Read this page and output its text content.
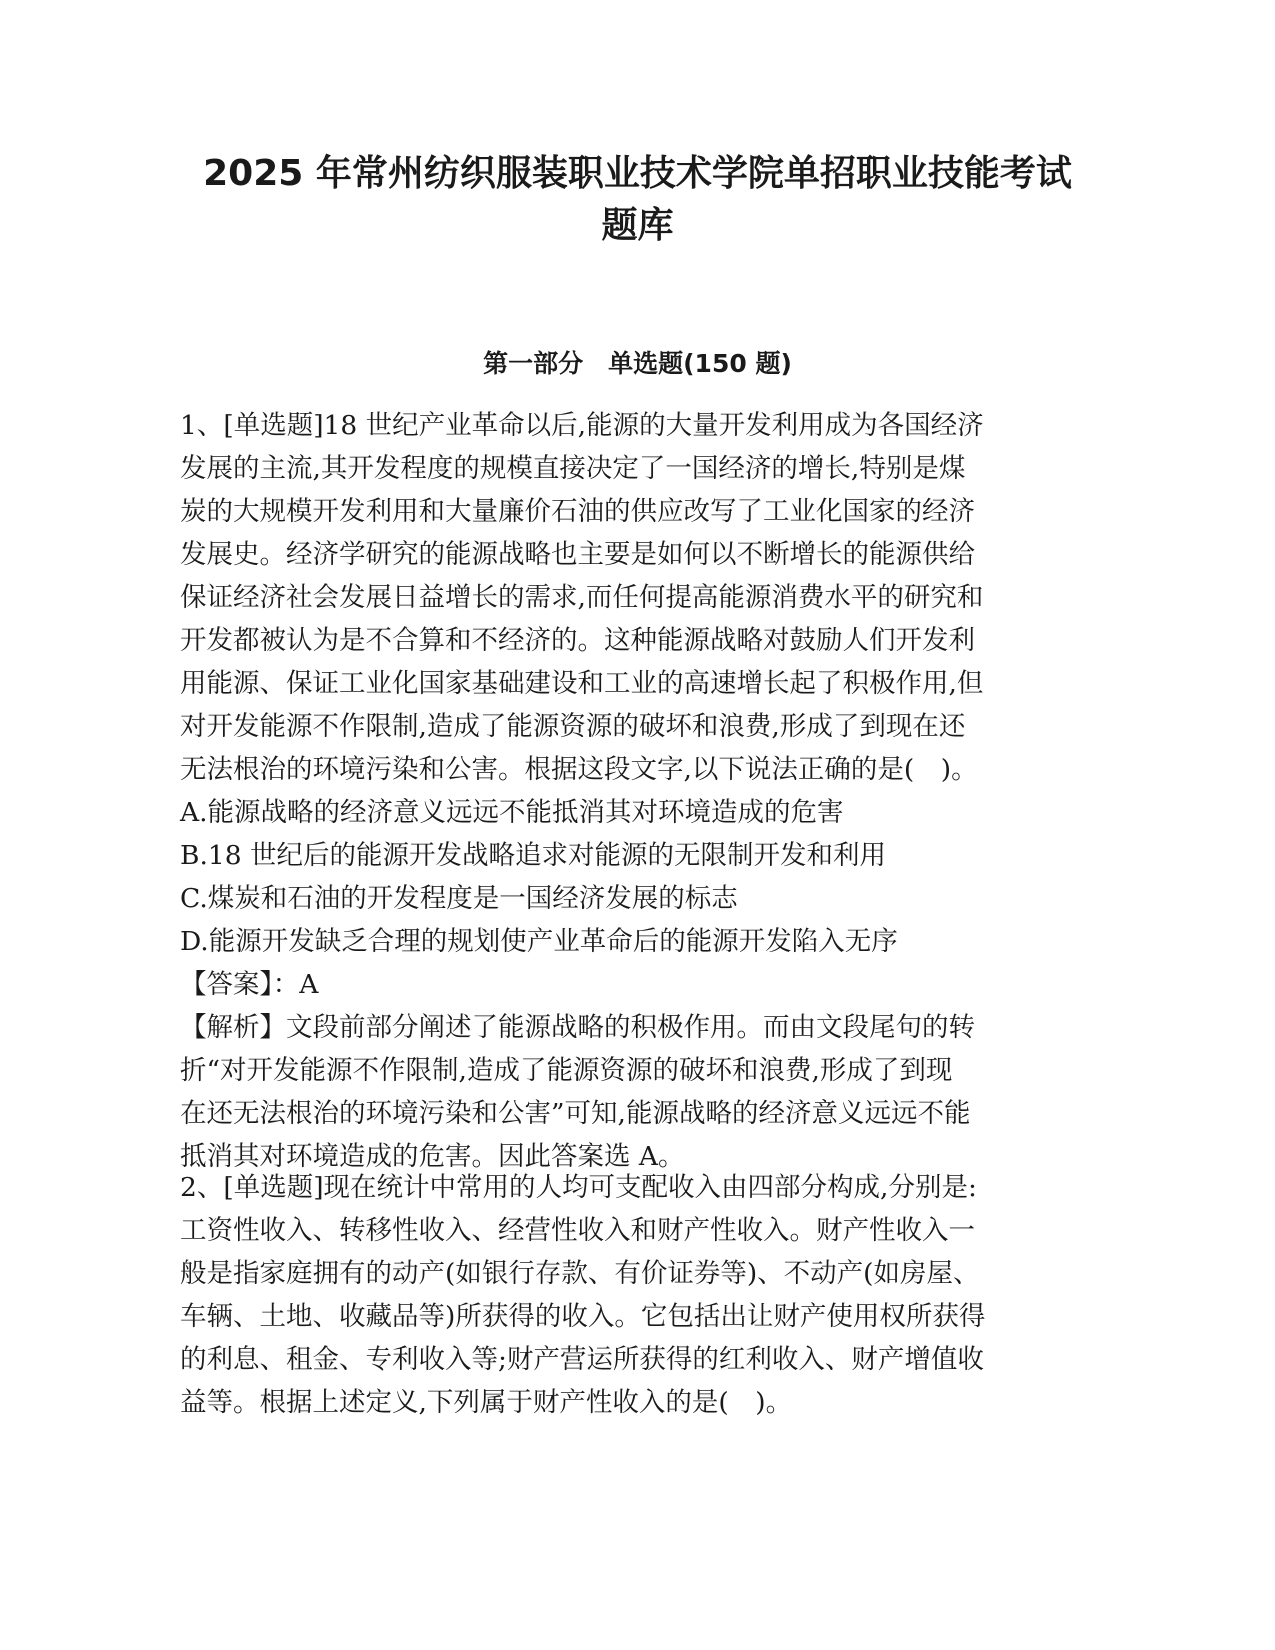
2025 年常州纺织服装职业技术学院单招职业技能考试
题库
第一部分　单选题(150 题)
1、[单选题]18 世纪产业革命以后,能源的大量开发利用成为各国经济
发展的主流,其开发程度的规模直接决定了一国经济的增长,特别是煤
炭的大规模开发利用和大量廉价石油的供应改写了工业化国家的经济
发展史。经济学研究的能源战略也主要是如何以不断增长的能源供给
保证经济社会发展日益增长的需求,而任何提高能源消费水平的研究和
开发都被认为是不合算和不经济的。这种能源战略对鼓励人们开发利
用能源、保证工业化国家基础建设和工业的高速增长起了积极作用,但
对开发能源不作限制,造成了能源资源的破坏和浪费,形成了到现在还
无法根治的环境污染和公害。根据这段文字,以下说法正确的是(　)。
A.能源战略的经济意义远远不能抵消其对环境造成的危害
B.18 世纪后的能源开发战略追求对能源的无限制开发和利用
C.煤炭和石油的开发程度是一国经济发展的标志
D.能源开发缺乏合理的规划使产业革命后的能源开发陷入无序
【答案】：A
【解析】文段前部分阐述了能源战略的积极作用。而由文段尾句的转
折“对开发能源不作限制,造成了能源资源的破坏和浪费,形成了到现
在还无法根治的环境污染和公害”可知,能源战略的经济意义远远不能
抵消其对环境造成的危害。因此答案选 A。
2、[单选题]现在统计中常用的人均可支配收入由四部分构成,分别是:
工资性收入、转移性收入、经营性收入和财产性收入。财产性收入一
般是指家庭拥有的动产(如银行存款、有价证券等)、不动产(如房屋、
车辆、土地、收藏品等)所获得的收入。它包括出让财产使用权所获得
的利息、租金、专利收入等;财产营运所获得的红利收入、财产增值收
益等。根据上述定义,下列属于财产性收入的是(　)。
